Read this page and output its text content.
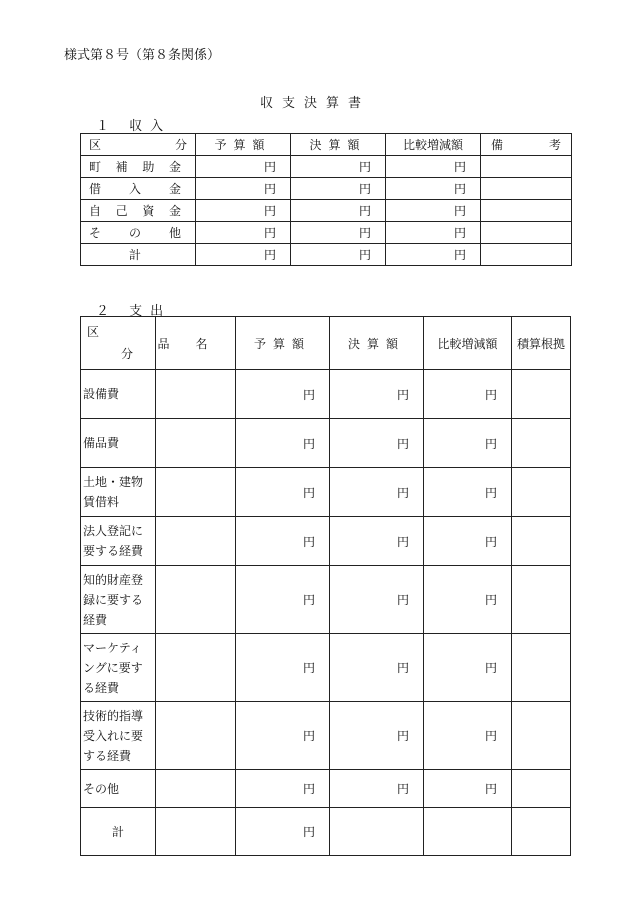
様式第８号（第８条関係）
収支決算書
１ 収入
区 分	予算額	決算額	比較増減額	備 考

町補助金	円	円	円	
借入金	円	円	円	
自己資金	円	円	円	
その他	円	円	円	
計	円	円	円	
２ 支出
区
分	品名	予算額	決算額	比較増減額	積算根拠
設備費		円	円	円	
備品費		円	円	円	
土地・建物
賃借料		円	円	円	
法人登記に
要する経費		円	円	円	
知的財産登
録に要する
経費		円	円	円	
マーケティ
ングに要す
る経費		円	円	円	
技術的指導
受入れに要
する経費		円	円	円	
その他		円	円	円	
計		円			
